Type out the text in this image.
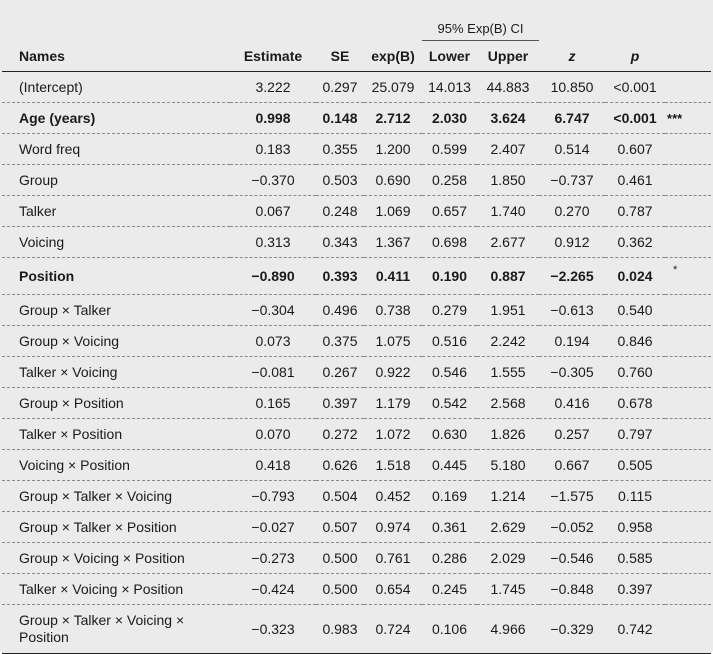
				95% Exp(B) CI				
Names	Estimate	SE	exp(B)	Lower	Upper	z	p	
(Intercept)	3.222	0.297	25.079	14.013	44.883	10.850	<0.001	
Age (years)	0.998	0.148	2.712	2.030	3.624	6.747	<0.001	***
Word freq	0.183	0.355	1.200	0.599	2.407	0.514	0.607	
Group	−0.370	0.503	0.690	0.258	1.850	−0.737	0.461	
Talker	0.067	0.248	1.069	0.657	1.740	0.270	0.787	
Voicing	0.313	0.343	1.367	0.698	2.677	0.912	0.362	
Position	−0.890	0.393	0.411	0.190	0.887	−2.265	0.024	*
Group × Talker	−0.304	0.496	0.738	0.279	1.951	−0.613	0.540	
Group × Voicing	0.073	0.375	1.075	0.516	2.242	0.194	0.846	
Talker × Voicing	−0.081	0.267	0.922	0.546	1.555	−0.305	0.760	
Group × Position	0.165	0.397	1.179	0.542	2.568	0.416	0.678	
Talker × Position	0.070	0.272	1.072	0.630	1.826	0.257	0.797	
Voicing × Position	0.418	0.626	1.518	0.445	5.180	0.667	0.505	
Group × Talker × Voicing	−0.793	0.504	0.452	0.169	1.214	−1.575	0.115	
Group × Talker × Position	−0.027	0.507	0.974	0.361	2.629	−0.052	0.958	
Group × Voicing × Position	−0.273	0.500	0.761	0.286	2.029	−0.546	0.585	
Talker × Voicing × Position	−0.424	0.500	0.654	0.245	1.745	−0.848	0.397	
Group × Talker × Voicing × Position	−0.323	0.983	0.724	0.106	4.966	−0.329	0.742	
